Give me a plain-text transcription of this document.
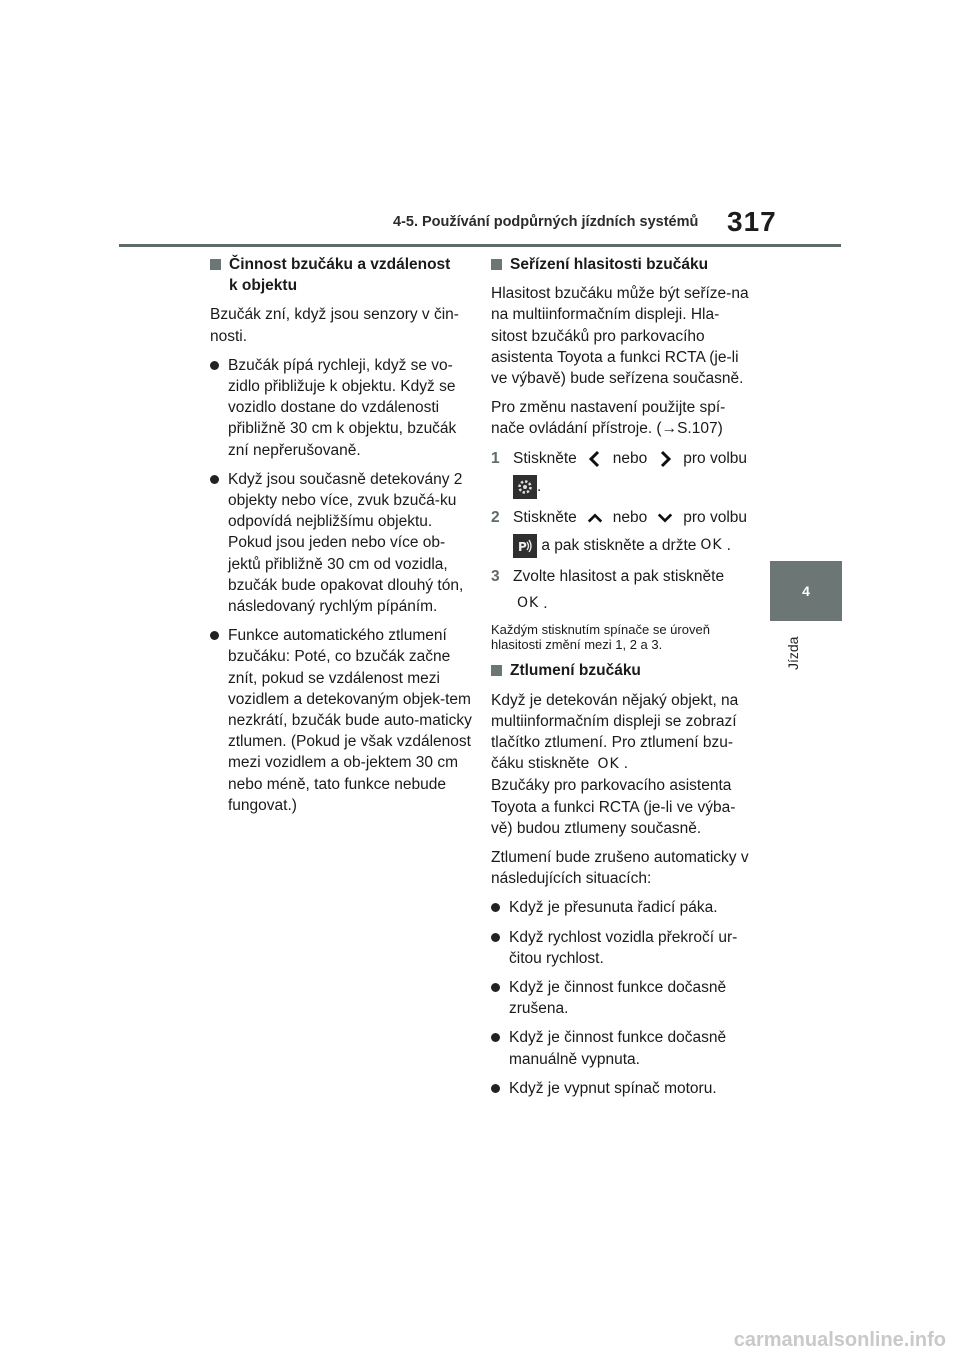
4-5. Používání podpůrných jízdních systémů 317
4
Jízda
Činnost bzučáku a vzdálenost
k objektu

Bzučák zní, když jsou senzory v čin-nosti.

Bzučák pípá rychleji, když se vo-zidlo přibližuje k objektu. Když se vozidlo dostane do vzdálenosti přibližně 30 cm k objektu, bzučák zní nepřerušovaně.
Když jsou současně detekovány 2 objekty nebo více, zvuk bzučá-ku odpovídá nejbližšímu objektu. Pokud jsou jeden nebo více ob-jektů přibližně 30 cm od vozidla, bzučák bude opakovat dlouhý tón, následovaný rychlým pípáním.
Funkce automatického ztlumení bzučáku: Poté, co bzučák začne znít, pokud se vzdálenost mezi vozidlem a detekovaným objek-tem nezkrátí, bzučák bude auto-maticky ztlumen. (Pokud je však vzdálenost mezi vozidlem a ob-jektem 30 cm nebo méně, tato funkce nebude fungovat.)
Seřízení hlasitosti bzučáku

Hlasitost bzučáku může být seříze-na na multiinformačním displeji. Hla-sitost bzučáků pro parkovacího asistenta Toyota a funkci RCTA (je-li ve výbavě) bude seřízena současně.

Pro změnu nastavení použijte spí-nače ovládání přístroje. (→S.107)

1 Stiskněte nebo pro volbu
.
2 Stiskněte nebo pro volbu
P
a pak stiskněte a držte OK .
3 Zvolte hlasitost a pak stiskněte
OK .

Každým stisknutím spínače se úroveň hlasitosti změní mezi 1, 2 a 3.

Ztlumení bzučáku

Když je detekován nějaký objekt, na multiinformačním displeji se zobrazí tlačítko ztlumení. Pro ztlumení bzu-čáku stiskněte OK .
Bzučáky pro parkovacího asistenta Toyota a funkci RCTA (je-li ve výba-vě) budou ztlumeny současně.

Ztlumení bude zrušeno automaticky v následujících situacích:

Když je přesunuta řadicí páka.
Když rychlost vozidla překročí ur-čitou rychlost.
Když je činnost funkce dočasně zrušena.
Když je činnost funkce dočasně manuálně vypnuta.
Když je vypnut spínač motoru.
carmanualsonline.info
